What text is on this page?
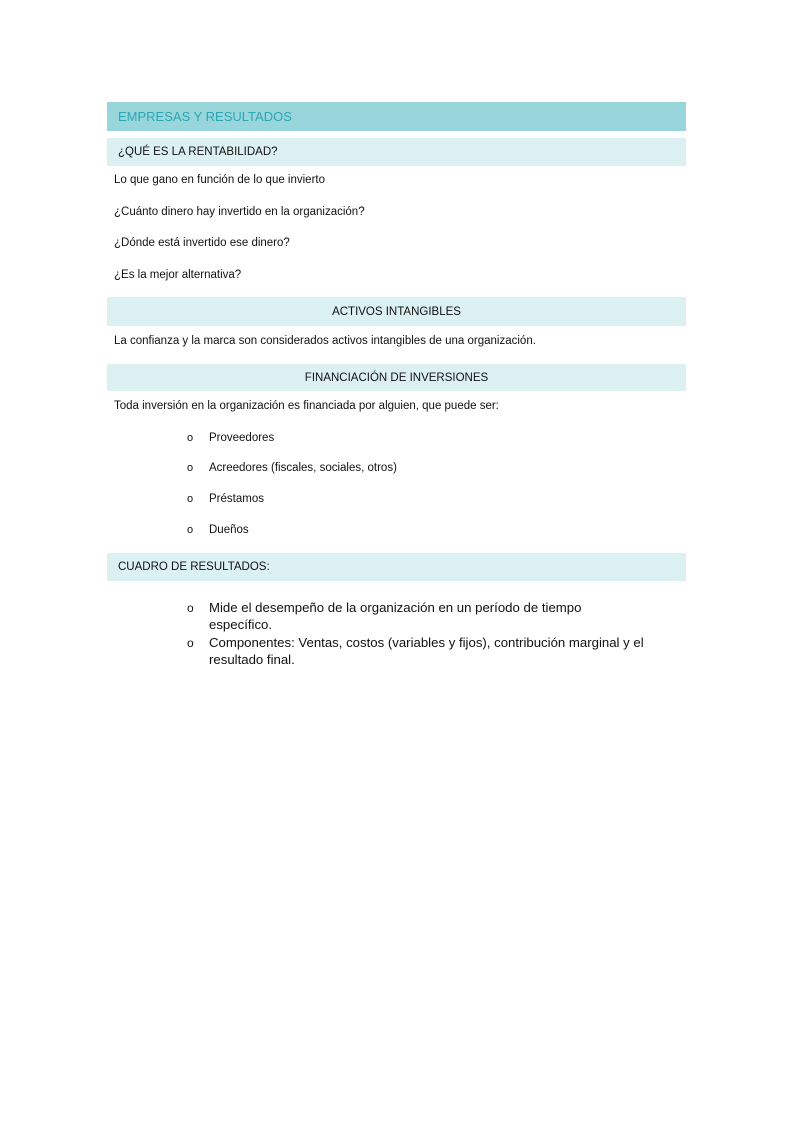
EMPRESAS Y RESULTADOS
¿QUÉ ES LA RENTABILIDAD?
Lo que gano en función de lo que invierto
¿Cuánto dinero hay invertido en la organización?
¿Dónde está invertido ese dinero?
¿Es la mejor alternativa?
ACTIVOS INTANGIBLES
La confianza y la marca son considerados activos intangibles de una organización.
FINANCIACIÓN DE INVERSIONES
Toda inversión en la organización es financiada por alguien, que puede ser:
o Proveedores
o Acreedores (fiscales, sociales, otros)
o Préstamos
o Dueños
CUADRO DE RESULTADOS:
o Mide el desempeño de la organización en un período de tiempo específico.
o Componentes: Ventas, costos (variables y fijos), contribución marginal y el resultado final.
